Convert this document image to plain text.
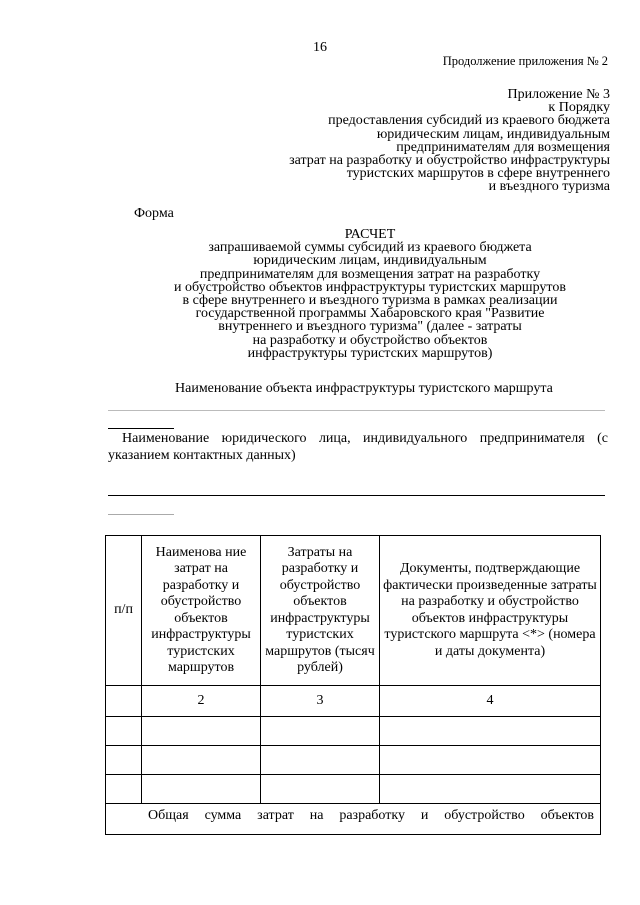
16
Продолжение приложения № 2
Приложение № 3
к Порядку
предоставления субсидий из краевого бюджета
юридическим лицам, индивидуальным
предпринимателям для возмещения
затрат на разработку и обустройство инфраструктуры
туристских маршрутов в сфере внутреннего
и въездного туризма
Форма
РАСЧЕТ
запрашиваемой суммы субсидий из краевого бюджета
юридическим лицам, индивидуальным
предпринимателям для возмещения затрат на разработку
и обустройство объектов инфраструктуры туристских маршрутов
в сфере внутреннего и въездного туризма в рамках реализации
государственной программы Хабаровского края "Развитие
внутреннего и въездного туризма" (далее - затраты
на разработку и обустройство объектов
инфраструктуры туристских маршрутов)
Наименование объекта инфраструктуры туристского маршрута
Наименование юридического лица, индивидуального предпринимателя (с
указанием контактных данных)
п/п	Наименова ние затрат на разработку и обустройство объектов инфраструктуры туристских маршрутов	Затраты на разработку и обустройство объектов инфраструктуры туристских маршрутов (тысяч рублей)	Документы, подтверждающие фактически произведенные затраты на разработку и обустройство объектов инфраструктуры туристского маршрута <*> (номера и даты документа)
	2	3	4

Общая сумма затрат на разработку и обустройство объектов			
